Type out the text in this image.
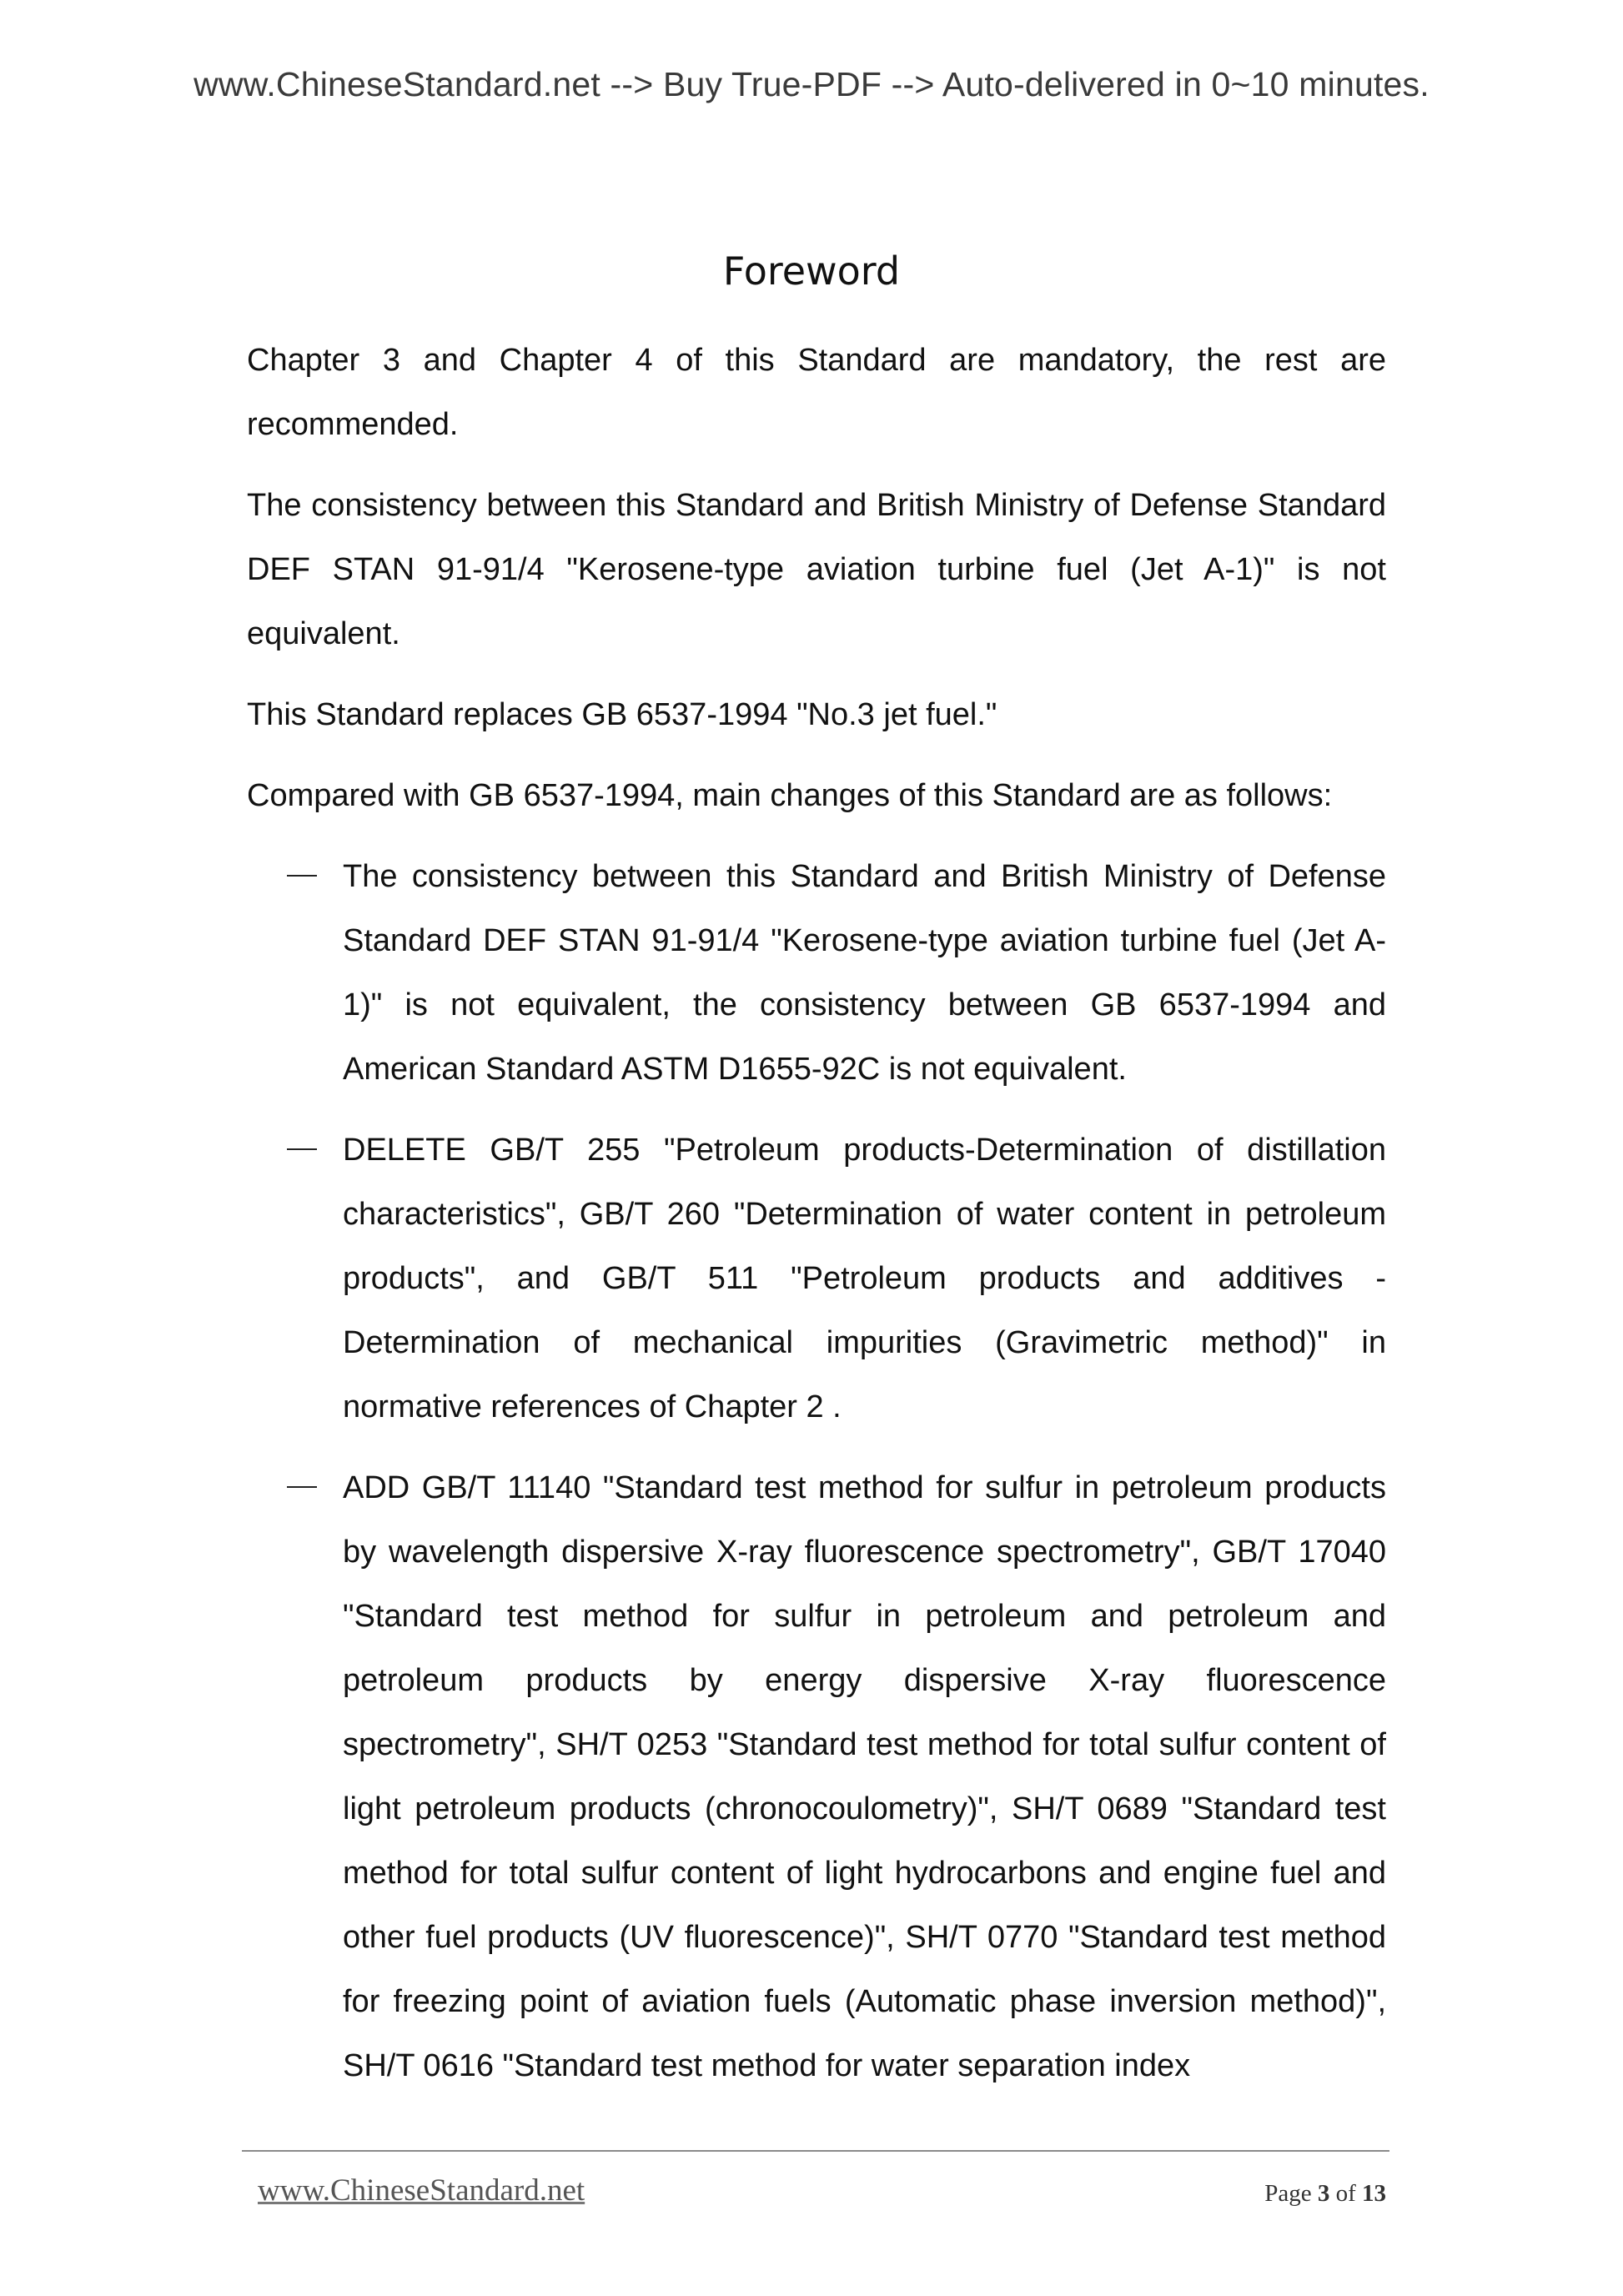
www.ChineseStandard.net --> Buy True-PDF --> Auto-delivered in 0~10 minutes.
Foreword

Chapter 3 and Chapter 4 of this Standard are mandatory, the rest are recommended.

The consistency between this Standard and British Ministry of Defense Standard DEF STAN 91-91/4 "Kerosene-type aviation turbine fuel (Jet A-1)" is not equivalent.

This Standard replaces GB 6537-1994 "No.3 jet fuel."

Compared with GB 6537-1994, main changes of this Standard are as follows:

The consistency between this Standard and British Ministry of Defense Standard DEF STAN 91-91/4 "Kerosene-type aviation turbine fuel (Jet A-1)" is not equivalent, the consistency between GB 6537-1994 and American Standard ASTM D1655-92C is not equivalent.
DELETE GB/T 255 "Petroleum products-Determination of distillation characteristics", GB/T 260 "Determination of water content in petroleum products", and GB/T 511 "Petroleum products and additives - Determination of mechanical impurities (Gravimetric method)" in normative references of Chapter 2 .
ADD GB/T 11140 "Standard test method for sulfur in petroleum products by wavelength dispersive X-ray fluorescence spectrometry", GB/T 17040 "Standard test method for sulfur in petroleum and petroleum and petroleum products by energy dispersive X-ray fluorescence spectrometry", SH/T 0253 "Standard test method for total sulfur content of light petroleum products (chronocoulometry)", SH/T 0689 "Standard test method for total sulfur content of light hydrocarbons and engine fuel and other fuel products (UV fluorescence)", SH/T 0770 "Standard test method for freezing point of aviation fuels (Automatic phase inversion method)", SH/T 0616 "Standard test method for water separation index
www.ChineseStandard.net	Page 3 of 13
